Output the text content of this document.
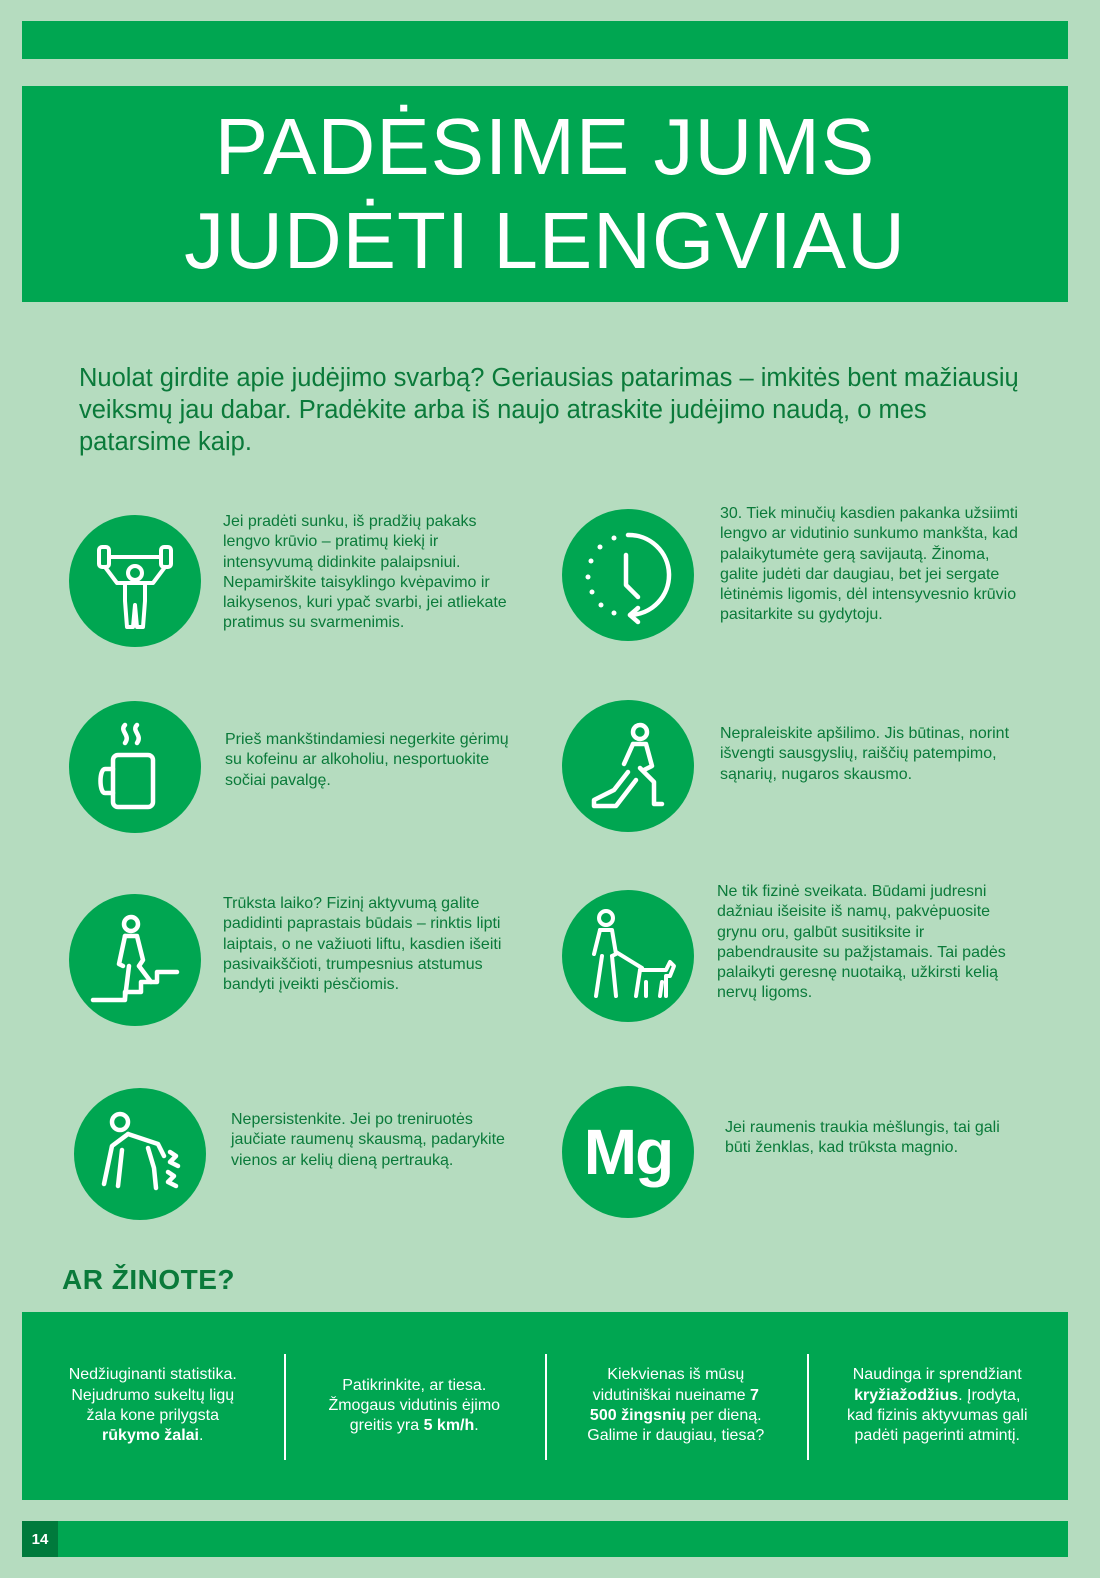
PADĖSIME JUMS
JUDĖTI LENGVIAU

Nuolat girdite apie judėjimo svarbą? Geriausias patarimas – imkitės bent mažiausių veiksmų jau dabar. Pradėkite arba iš naujo atraskite judėjimo naudą, o mes patarsime kaip.

Jei pradėti sunku, iš pradžių pakaks lengvo krūvio – pratimų kiekį ir intensyvumą didinkite palaipsniui. Nepamirškite taisyklingo kvėpavimo ir laikysenos, kuri ypač svarbi, jei atliekate pratimus su svarmenimis.

30. Tiek minučių kasdien pakanka užsiimti lengvo ar vidutinio sunkumo mankšta, kad palaikytumėte gerą savijautą. Žinoma, galite judėti dar daugiau, bet jei sergate lėtinėmis ligomis, dėl intensyvesnio krūvio pasitarkite su gydytoju.

Prieš mankštindamiesi negerkite gėrimų su kofeinu ar alkoholiu, nesportuokite sočiai pavalgę.

Nepraleiskite apšilimo. Jis būtinas, norint išvengti sausgyslių, raiščių patempimo, sąnarių, nugaros skausmo.

Trūksta laiko? Fizinį aktyvumą galite padidinti paprastais būdais – rinktis lipti laiptais, o ne važiuoti liftu, kasdien išeiti pasivaikščioti, trumpesnius atstumus bandyti įveikti pėsčiomis.

Ne tik fizinė sveikata. Būdami judresni dažniau išeisite iš namų, pakvėpuosite grynu oru, galbūt susitiksite ir pabendrausite su pažįstamais. Tai padės palaikyti geresnę nuotaiką, užkirsti kelią nervų ligoms.

Nepersistenkite. Jei po treniruotės jaučiate raumenų skausmą, padarykite vienos ar kelių dieną pertrauką.	Mg	Jei raumenis traukia mėšlungis, tai gali būti ženklas, kad trūksta magnio.

AR ŽINOTE?

Nedžiuginanti statistika. Nejudrumo sukeltų ligų žala kone prilygsta rūkymo žalai.

Patikrinkite, ar tiesa. Žmogaus vidutinis ėjimo greitis yra 5 km/h.

Kiekvienas iš mūsų vidutiniškai nueiname 7 500 žingsnių per dieną. Galime ir daugiau, tiesa?

Naudinga ir sprendžiant kryžiažodžius. Įrodyta, kad fizinis aktyvumas gali padėti pagerinti atmintį.

14
